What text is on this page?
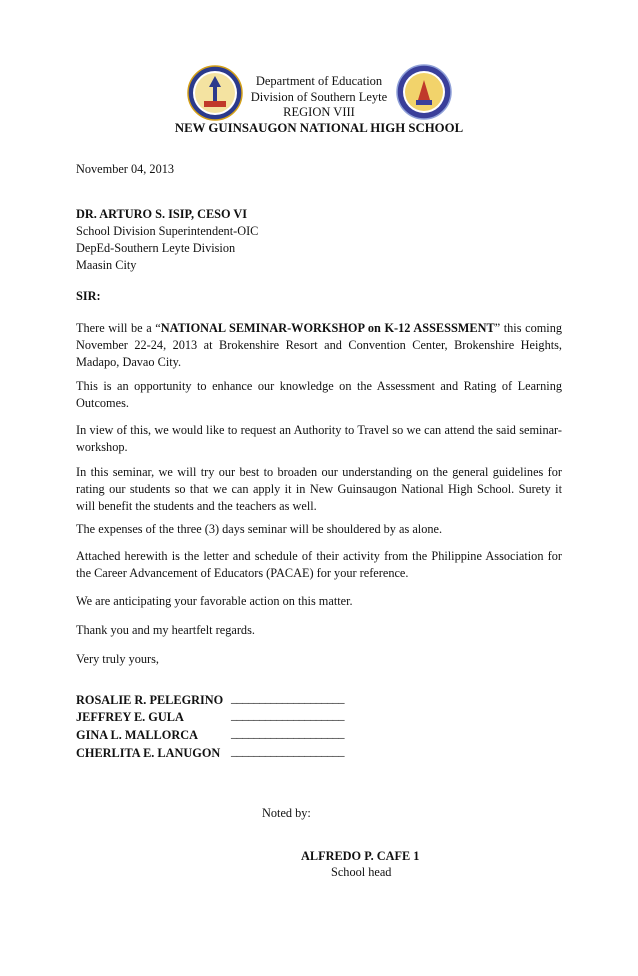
Department of Education
Division of Southern Leyte
REGION VIII
NEW GUINSAUGON NATIONAL HIGH SCHOOL
November 04, 2013
DR. ARTURO S. ISIP, CESO VI
School Division Superintendent-OIC
DepEd-Southern Leyte Division
Maasin City
SIR:
There will be a “NATIONAL SEMINAR-WORKSHOP on K-12 ASSESSMENT” this coming November 22-24, 2013 at Brokenshire Resort and Convention Center, Brokenshire Heights, Madapo, Davao City.
This is an opportunity to enhance our knowledge on the Assessment and Rating of Learning Outcomes.
In view of this, we would like to request an Authority to Travel so we can attend the said seminar-workshop.
In this seminar, we will try our best to broaden our understanding on the general guidelines for rating our students so that we can apply it in New Guinsaugon National High School. Surety it will benefit the students and the teachers as well.
The expenses of the three (3) days seminar will be shouldered by as alone.
Attached herewith is the letter and schedule of their activity from the Philippine Association for the Career Advancement of Educators (PACAE) for your reference.
We are anticipating your favorable action on this matter.
Thank you and my heartfelt regards.
Very truly yours,
ROSALIE R. PELEGRINO ____________________
JEFFREY E. GULA	____________________
GINA L. MALLORCA	____________________
CHERLITA E. LANUGON ____________________
Noted by:
ALFREDO P. CAFE 1
School head
